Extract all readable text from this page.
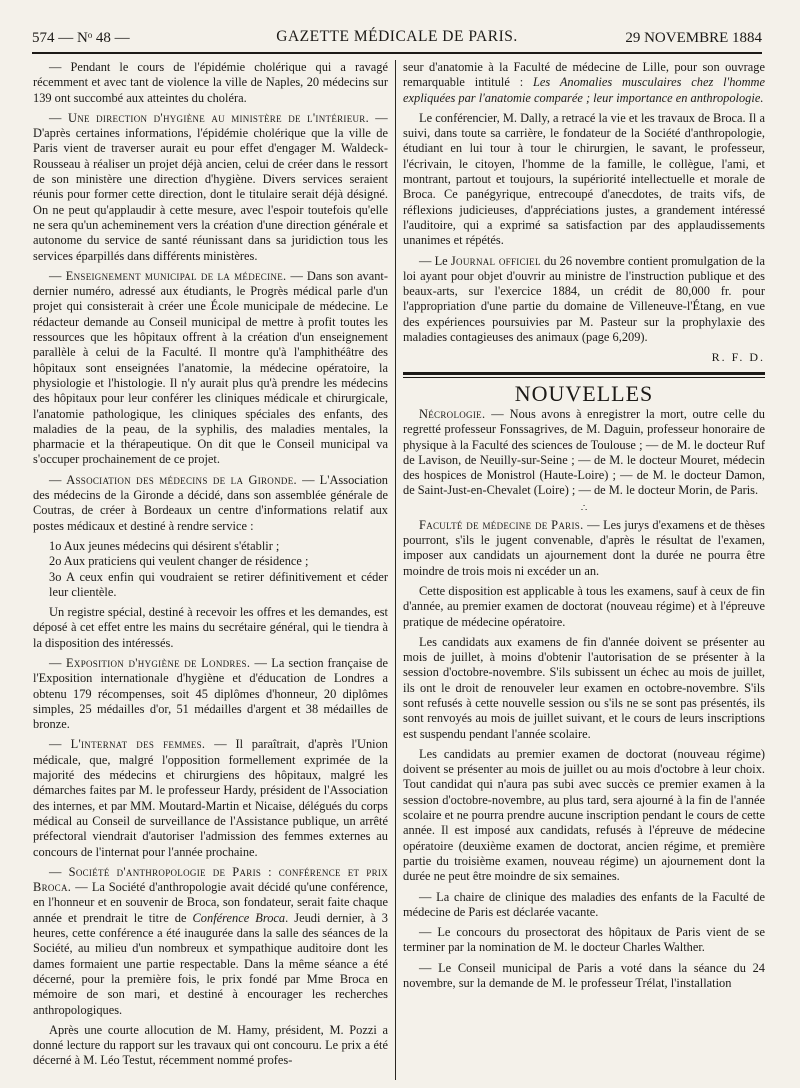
574 — Nᵒ 48 —	GAZETTE MÉDICALE DE PARIS.	29 NOVEMBRE 1884

— Pendant le cours de l'épidémie cholérique qui a ravagé récemment et avec tant de violence la ville de Naples, 20 médecins sur 139 ont succombé aux atteintes du choléra.

— Une direction d'hygiène au ministère de l'intérieur. — D'après certaines informations, l'épidémie cholérique que la ville de Paris vient de traverser aurait eu pour effet d'engager M. Waldeck-Rousseau à réaliser un projet déjà ancien, celui de créer dans le ressort de son ministère une direction d'hygiène. Divers services seraient réunis pour former cette direction, dont le titulaire serait déjà désigné. On ne peut qu'applaudir à cette mesure, avec l'espoir toutefois qu'elle ne sera qu'un acheminement vers la création d'une direction générale et autonome du service de santé réunissant dans sa juridiction tous les services éparpillés dans différents ministères.

— Enseignement municipal de la médecine. — Dans son avant-dernier numéro, adressé aux étudiants, le Progrès médical parle d'un projet qui consisterait à créer une École municipale de médecine. Le rédacteur demande au Conseil municipal de mettre à profit toutes les ressources que les hôpitaux offrent à la création d'un enseignement parallèle à celui de la Faculté. Il montre qu'à l'amphithéâtre des hôpitaux sont enseignées l'anatomie, la médecine opératoire, la physiologie et l'histologie. Il n'y aurait plus qu'à prendre les médecins des hôpitaux pour leur conférer les cliniques médicale et chirurgicale, l'anatomie pathologique, les cliniques spéciales des enfants, des maladies de la peau, de la syphilis, des maladies mentales, la pharmacie et la thérapeutique. On dit que le Conseil municipal va s'occuper prochainement de ce projet.

— Association des médecins de la Gironde. — L'Association des médecins de la Gironde a décidé, dans son assemblée générale de Coutras, de créer à Bordeaux un centre d'informations relatif aux postes médicaux et destiné à rendre service :

1o Aux jeunes médecins qui désirent s'établir ;
2o Aux praticiens qui veulent changer de résidence ;
3o A ceux enfin qui voudraient se retirer définitivement et céder leur clientèle.

Un registre spécial, destiné à recevoir les offres et les demandes, est déposé à cet effet entre les mains du secrétaire général, qui le tiendra à la disposition des intéressés.

— Exposition d'hygiène de Londres. — La section française de l'Exposition internationale d'hygiène et d'éducation de Londres a obtenu 179 récompenses, soit 45 diplômes d'honneur, 20 diplômes simples, 25 médailles d'or, 51 médailles d'argent et 38 médailles de bronze.

— L'internat des femmes. — Il paraîtrait, d'après l'Union médicale, que, malgré l'opposition formellement exprimée de la majorité des médecins et chirurgiens des hôpitaux, malgré les démarches faites par M. le professeur Hardy, président de l'Association des internes, et par MM. Moutard-Martin et Nicaise, délégués du corps médical au Conseil de surveillance de l'Assistance publique, un arrêté préfectoral viendrait d'autoriser l'admission des femmes externes au concours de l'internat pour l'année prochaine.

— Société d'anthropologie de Paris : conférence et prix Broca. — La Société d'anthropologie avait décidé qu'une conférence, en l'honneur et en souvenir de Broca, son fondateur, serait faite chaque année et prendrait le titre de Conférence Broca. Jeudi dernier, à 3 heures, cette conférence a été inaugurée dans la salle des séances de la Société, au milieu d'un nombreux et sympathique auditoire dont les dames formaient une partie respectable. Dans la même séance a été décerné, pour la première fois, le prix fondé par Mme Broca en mémoire de son mari, et destiné à encourager les recherches anthropologiques.

Après une courte allocution de M. Hamy, président, M. Pozzi a donné lecture du rapport sur les travaux qui ont concouru. Le prix a été décerné à M. Léo Testut, récemment nommé profes-

seur d'anatomie à la Faculté de médecine de Lille, pour son ouvrage remarquable intitulé : Les Anomalies musculaires chez l'homme expliquées par l'anatomie comparée ; leur importance en anthropologie.

Le conférencier, M. Dally, a retracé la vie et les travaux de Broca. Il a suivi, dans toute sa carrière, le fondateur de la Société d'anthropologie, étudiant en lui tour à tour le chirurgien, le savant, le professeur, l'écrivain, le citoyen, l'homme de la famille, le collègue, l'ami, et montrant, partout et toujours, la supériorité intellectuelle et morale de Broca. Ce panégyrique, entrecoupé d'anecdotes, de traits vifs, de réflexions judicieuses, d'appréciations justes, a grandement intéressé l'auditoire, qui a exprimé sa satisfaction par des applaudissements unanimes et répétés.

— Le Journal officiel du 26 novembre contient promulgation de la loi ayant pour objet d'ouvrir au ministre de l'instruction publique et des beaux-arts, sur l'exercice 1884, un crédit de 80,000 fr. pour l'appropriation d'une partie du domaine de Villeneuve-l'Étang, en vue des expériences poursuivies par M. Pasteur sur la prophylaxie des maladies contagieuses des animaux (page 6,209).

R. F. D.
NOUVELLES

Nécrologie. — Nous avons à enregistrer la mort, outre celle du regretté professeur Fonssagrives, de M. Daguin, professeur honoraire de physique à la Faculté des sciences de Toulouse ; — de M. le docteur Ruf de Lavison, de Neuilly-sur-Seine ; — de M. le docteur Mouret, médecin des hospices de Monistrol (Haute-Loire) ; — de M. le docteur Damon, de Saint-Just-en-Chevalet (Loire) ; — de M. le docteur Morin, de Paris.

∴

Faculté de médecine de Paris. — Les jurys d'examens et de thèses pourront, s'ils le jugent convenable, d'après le résultat de l'examen, imposer aux candidats un ajournement dont la durée ne pourra être moindre de trois mois ni excéder un an.

Cette disposition est applicable à tous les examens, sauf à ceux de fin d'année, au premier examen de doctorat (nouveau régime) et à l'épreuve pratique de médecine opératoire.

Les candidats aux examens de fin d'année doivent se présenter au mois de juillet, à moins d'obtenir l'autorisation de se présenter à la session d'octobre-novembre. S'ils subissent un échec au mois de juillet, ils ont le droit de renouveler leur examen en octobre-novembre. S'ils sont refusés à cette nouvelle session ou s'ils ne se sont pas présentés, ils sont renvoyés au mois de juillet suivant, et le cours de leurs inscriptions est suspendu pendant l'année scolaire.

Les candidats au premier examen de doctorat (nouveau régime) doivent se présenter au mois de juillet ou au mois d'octobre à leur choix. Tout candidat qui n'aura pas subi avec succès ce premier examen à la session d'octobre-novembre, au plus tard, sera ajourné à la fin de l'année scolaire et ne pourra prendre aucune inscription pendant le cours de cette année. Il est imposé aux candidats, refusés à l'épreuve de médecine opératoire (deuxième examen de doctorat, ancien régime, et première partie du troisième examen, nouveau régime) un ajournement dont la durée ne peut être moindre de six semaines.

— La chaire de clinique des maladies des enfants de la Faculté de médecine de Paris est déclarée vacante.

— Le concours du prosectorat des hôpitaux de Paris vient de se terminer par la nomination de M. le docteur Charles Walther.

— Le Conseil municipal de Paris a voté dans la séance du 24 novembre, sur la demande de M. le professeur Trélat, l'installation
